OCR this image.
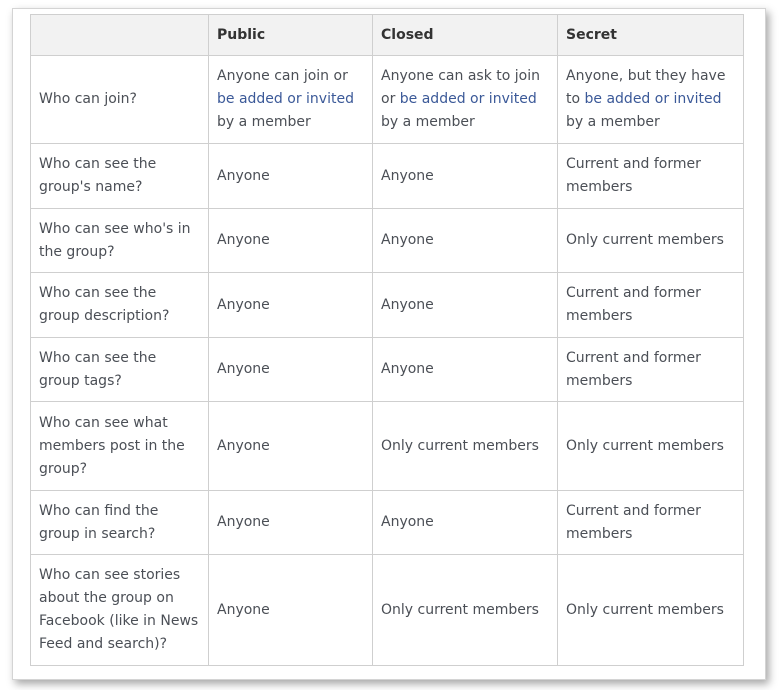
	Public	Closed	Secret
Who can join?	Anyone can join or be added or invited by a member	Anyone can ask to join or be added or invited by a member	Anyone, but they have to be added or invited by a member
Who can see the group's name?	Anyone	Anyone	Current and former members
Who can see who's in the group?	Anyone	Anyone	Only current members
Who can see the group description?	Anyone	Anyone	Current and former members
Who can see the group tags?	Anyone	Anyone	Current and former members
Who can see what members post in the group?	Anyone	Only current members	Only current members
Who can find the group in search?	Anyone	Anyone	Current and former members
Who can see stories about the group on Facebook (like in News Feed and search)?	Anyone	Only current members	Only current members
